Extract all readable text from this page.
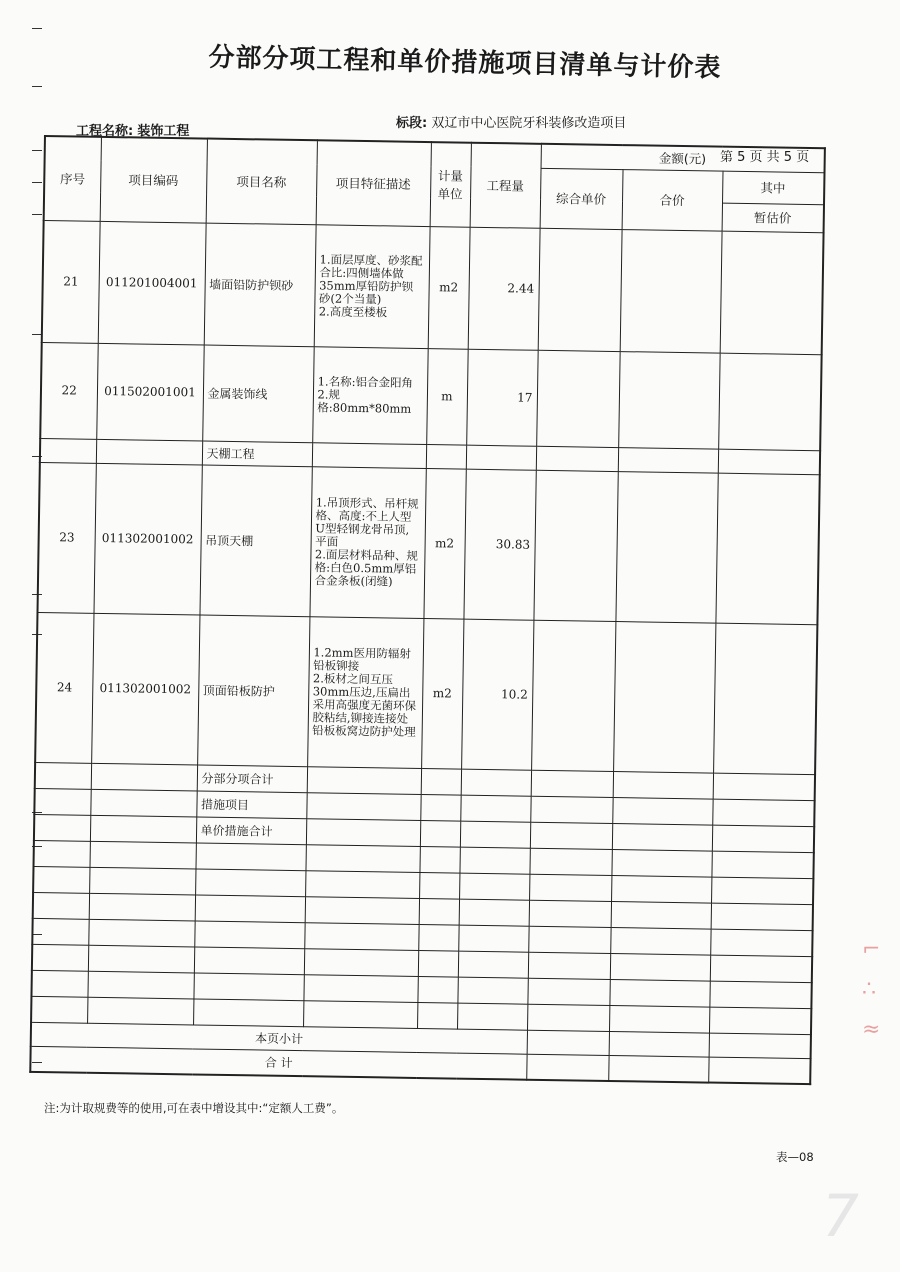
分部分项工程和单价措施项目清单与计价表
工程名称: 装饰工程
标段: 双辽市中心医院牙科装修改造项目
第 5 页 共 5 页
序号	项目编码	项目名称	项目特征描述	计量单位	工程量	金额(元)		
						综合单价	合价	其中
								暂估价
21	011201004001	墙面铅防护钡砂	1.面层厚度、砂浆配合比:四侧墙体做35mm厚铅防护钡砂(2个当量)
2.高度至楼板	m2	2.44			
22	011502001001	金属装饰线	1.名称:铝合金阳角
2.规格:80mm*80mm	m	17			
		天棚工程						
23	011302001002	吊顶天棚	1.吊顶形式、吊杆规格、高度:不上人型U型轻钢龙骨吊顶,平面
2.面层材料品种、规格:白色0.5mm厚铝合金条板(闭缝)	m2	30.83			
24	011302001002	顶面铅板防护	1.2mm医用防辐射铅板铆接
2.板材之间互压30mm压边,压扁出采用高强度无菌环保胶粘结,铆接连接处铅板板窝边防护处理	m2	10.2			
		分部分项合计						
		措施项目						
		单价措施合计						

本页小计								
合 计								
注:为计取规费等的使用,可在表中增设其中:“定额人工费”。
表—08
7
⌐
∴
≈
